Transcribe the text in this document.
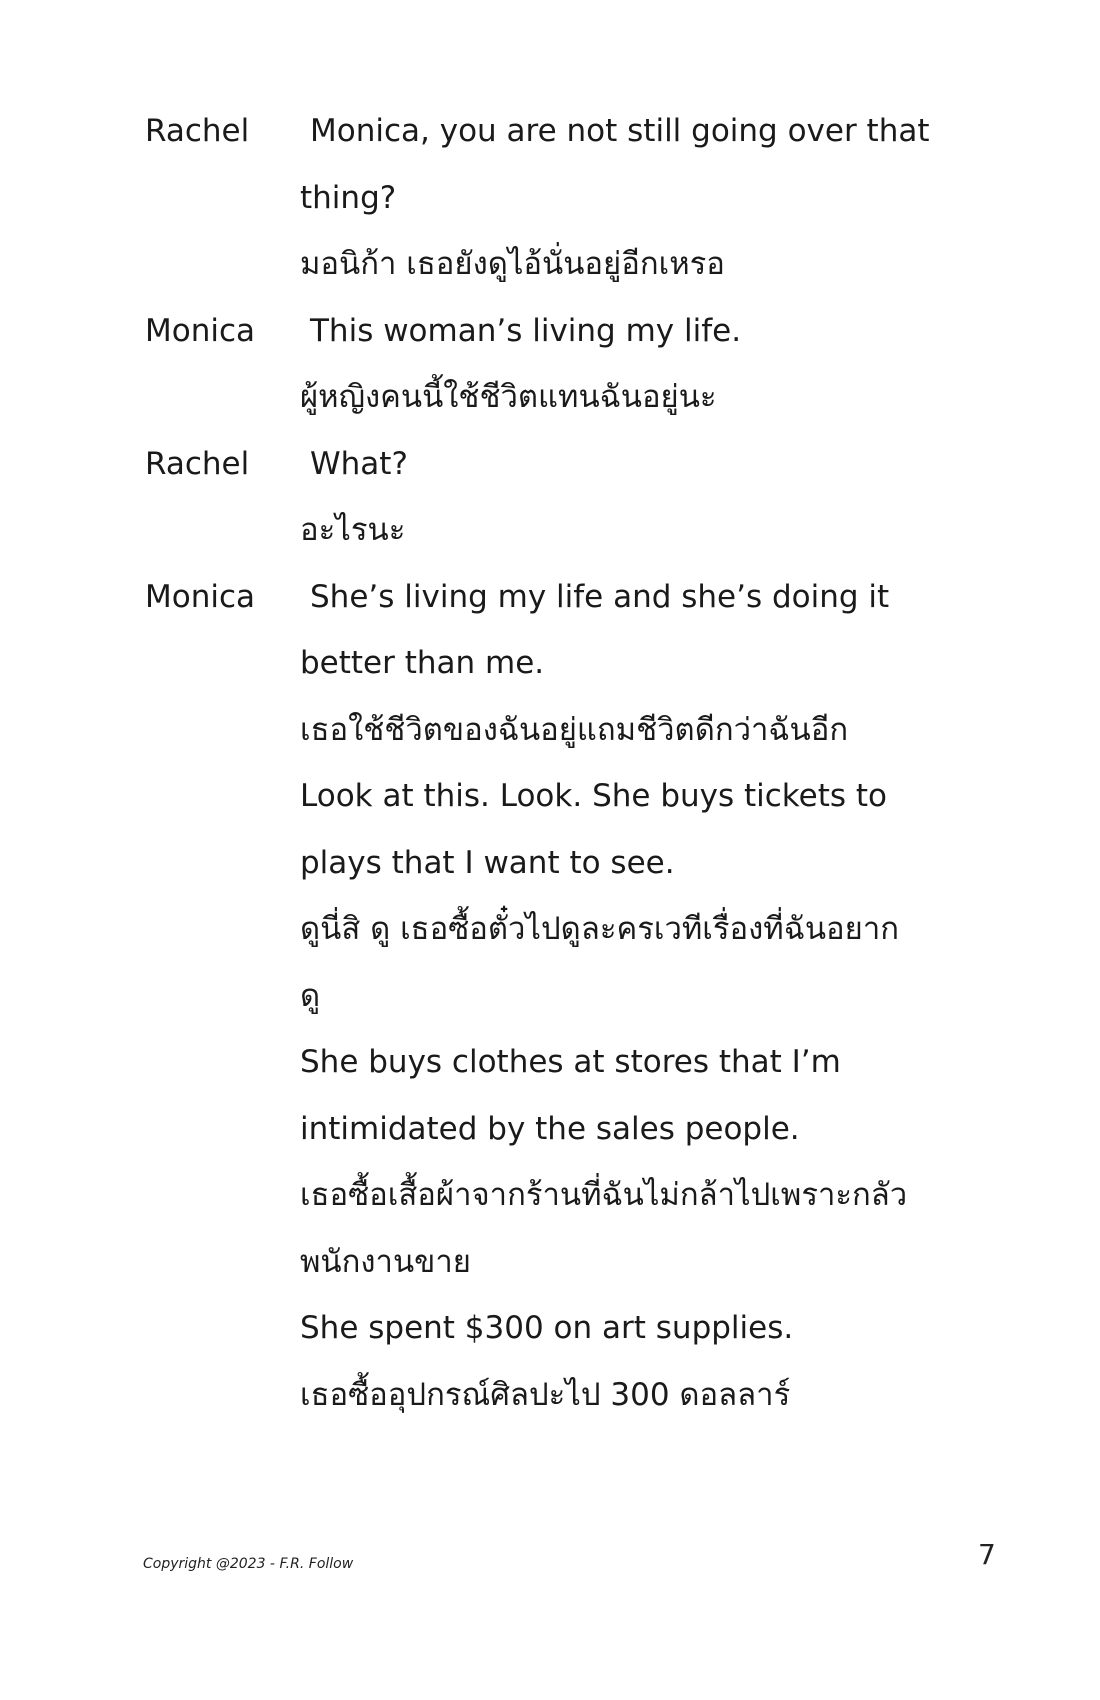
Rachel	Monica, you are not still going over that
thing?
มอนิก้า เธอยังดูไอ้นั่นอยู่อีกเหรอ
Monica	This woman’s living my life.
ผู้หญิงคนนี้ใช้ชีวิตแทนฉันอยู่นะ
Rachel	What?
อะไรนะ
Monica	She’s living my life and she’s doing it
better than me.
เธอใช้ชีวิตของฉันอยู่แถมชีวิตดีกว่าฉันอีก
Look at this. Look. She buys tickets to
plays that I want to see.
ดูนี่สิ ดู เธอซื้อตั๋วไปดูละครเวทีเรื่องที่ฉันอยาก
ดู
She buys clothes at stores that I’m
intimidated by the sales people.
เธอซื้อเสื้อผ้าจากร้านที่ฉันไม่กล้าไปเพราะกลัว
พนักงานขาย
She spent $300 on art supplies.
เธอซื้ออุปกรณ์ศิลปะไป 300 ดอลลาร์
Copyright @2023 - F.R. Follow	7
